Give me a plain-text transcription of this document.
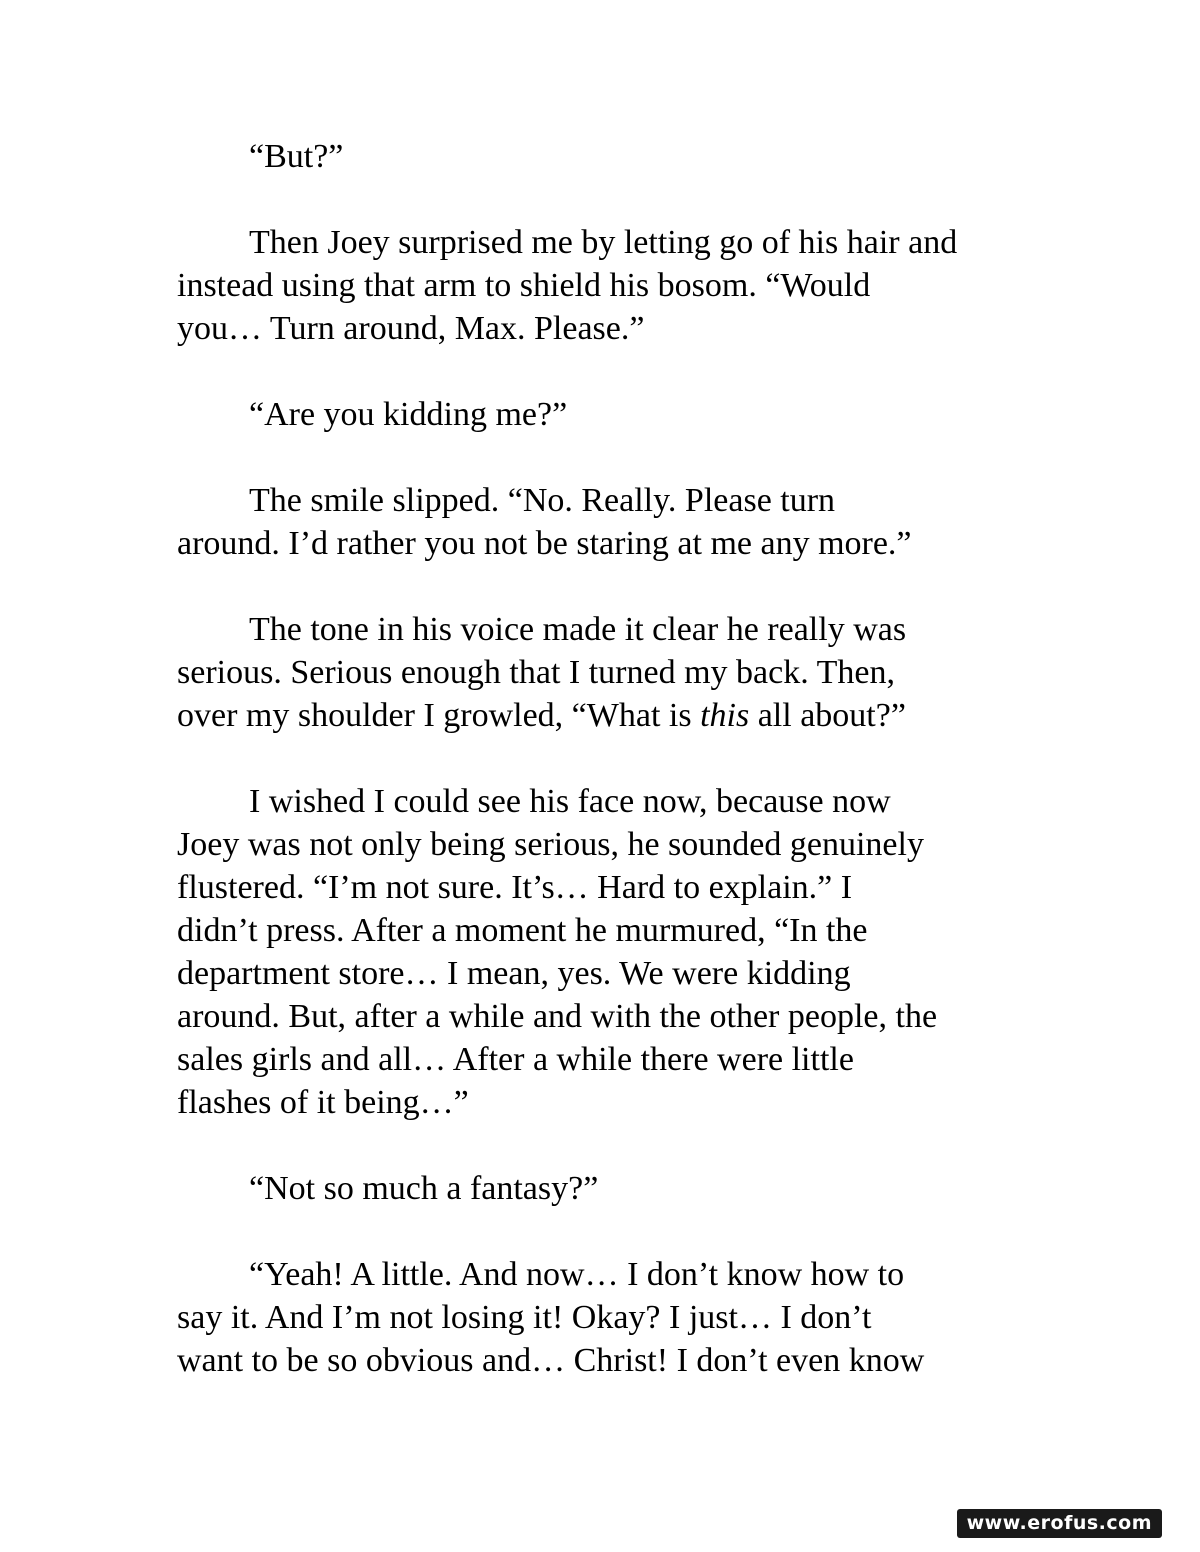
“But?”
Then Joey surprised me by letting go of his hair and
instead using that arm to shield his bosom. “Would
you… Turn around, Max. Please.”
“Are you kidding me?”
The smile slipped. “No. Really. Please turn
around. I’d rather you not be staring at me any more.”
The tone in his voice made it clear he really was
serious. Serious enough that I turned my back. Then,
over my shoulder I growled, “What is this all about?”
I wished I could see his face now, because now
Joey was not only being serious, he sounded genuinely
flustered. “I’m not sure. It’s… Hard to explain.” I
didn’t press. After a moment he murmured, “In the
department store… I mean, yes. We were kidding
around. But, after a while and with the other people, the
sales girls and all… After a while there were little
flashes of it being…”
“Not so much a fantasy?”
“Yeah! A little. And now… I don’t know how to
say it. And I’m not losing it! Okay? I just… I don’t
want to be so obvious and… Christ! I don’t even know
www.erofus.com
